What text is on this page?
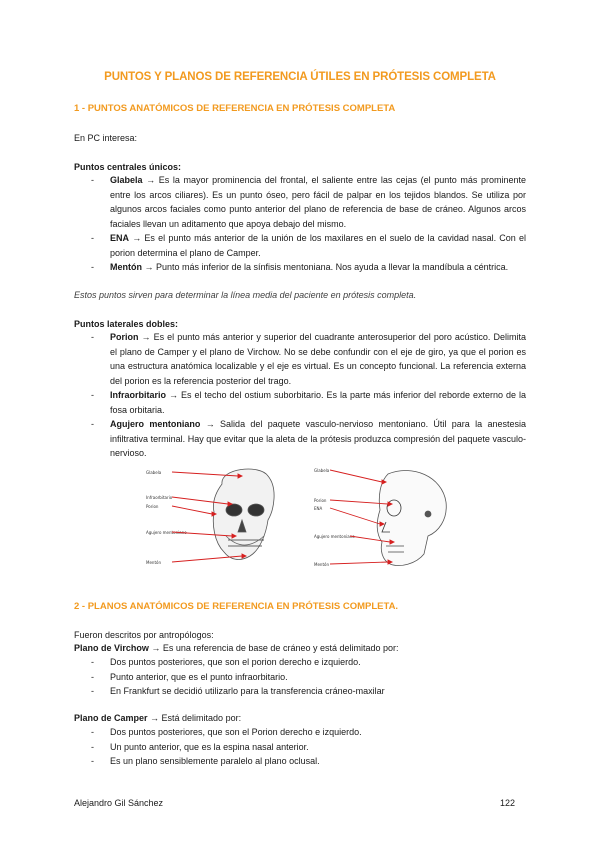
PUNTOS Y PLANOS DE REFERENCIA ÚTILES EN PRÓTESIS COMPLETA
1 - PUNTOS ANATÓMICOS DE REFERENCIA EN PRÓTESIS COMPLETA
En PC interesa:
Puntos centrales únicos:
- Glabela → Es la mayor prominencia del frontal, el saliente entre las cejas (el punto más prominente entre los arcos ciliares). Es un punto óseo, pero fácil de palpar en los tejidos blandos. Se utiliza por algunos arcos faciales como punto anterior del plano de referencia de base de cráneo. Algunos arcos faciales llevan un aditamento que apoya debajo del mismo.
- ENA → Es el punto más anterior de la unión de los maxilares en el suelo de la cavidad nasal. Con el porion determina el plano de Camper.
- Mentón → Punto más inferior de la sínfisis mentoniana. Nos ayuda a llevar la mandíbula a céntrica.
Estos puntos sirven para determinar la línea media del paciente en prótesis completa.
Puntos laterales dobles:
- Porion → Es el punto más anterior y superior del cuadrante anterosuperior del poro acústico. Delimita el plano de Camper y el plano de Virchow. No se debe confundir con el eje de giro, ya que el porion es una estructura anatómica localizable y el eje es virtual. Es un concepto funcional. La referencia externa del porion es la referencia posterior del trago.
- Infraorbitario → Es el techo del ostium suborbitario. Es la parte más inferior del reborde externo de la fosa orbitaria.
- Agujero mentoniano → Salida del paquete vasculo-nervioso mentoniano. Útil para la anestesia infiltrativa terminal. Hay que evitar que la aleta de la prótesis produzca compresión del paquete vasculo-nervioso.
Glabela
Infraorbitario
Porion
Agujero mentoniano
Mentón
Glabela
Porion
ENA
Agujero mentoniano
Mentón
2 - PLANOS ANATÓMICOS DE REFERENCIA EN PRÓTESIS COMPLETA.
Fueron descritos por antropólogos:
Plano de Virchow → Es una referencia de base de cráneo y está delimitado por:
- Dos puntos posteriores, que son el porion derecho e izquierdo.
- Punto anterior, que es el punto infraorbitario.
- En Frankfurt se decidió utilizarlo para la transferencia cráneo-maxilar
Plano de Camper → Está delimitado por:
- Dos puntos posteriores, que son el Porion derecho e izquierdo.
- Un punto anterior, que es la espina nasal anterior.
- Es un plano sensiblemente paralelo al plano oclusal.
Alejandro Gil Sánchez	122
